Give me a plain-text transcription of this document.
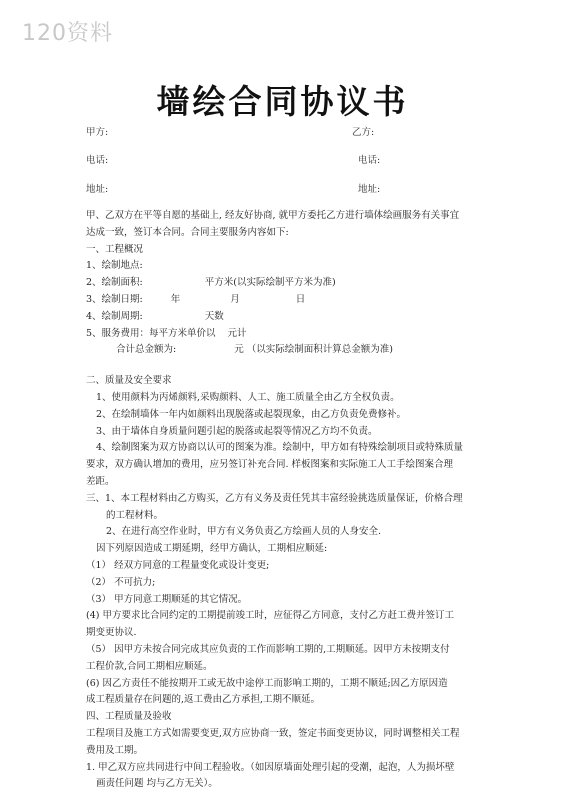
120资料
墙绘合同协议书
甲方:	乙方:
电话:	电话:
地址:	地址:

甲、乙双方在平等自愿的基础上, 经友好协商, 就甲方委托乙方进行墙体绘画服务有关事宜

达成一致，签订本合同。合同主要服务内容如下:

一、工程概况

1、绘制地点:

2、绘制面积:	平方米(以实际绘制平方米为准)

3、绘制日期:	年	月	日

4、绘制周期:	天数

5、服务费用：每平方米单价以 元计

合计总金额为:	元 （以实际绘制面积计算总金额为准)

二、质量及安全要求

1、使用颜料为丙烯颜料,采购颜料、人工、施工质量全由乙方全权负责。

2、在绘制墙体一年内如颜料出现脱落或起裂现象，由乙方负责免费修补。

3、由于墙体自身质量问题引起的脱落或起裂等情况乙方均不负责。

4、绘制图案为双方协商以认可的图案为准。绘制中，甲方如有特殊绘制项目或特殊质量

要求，双方确认增加的费用，应另签订补充合同. 样板图案和实际施工人工手绘图案合理

差距。

三、1、本工程材料由乙方购买，乙方有义务及责任凭其丰富经验挑选质量保证，价格合理

的工程材料。

2、在进行高空作业时，甲方有义务负责乙方绘画人员的人身安全.

因下列原因造成工期延期，经甲方确认，工期相应顺延:

（1） 经双方同意的工程量变化或设计变更;

（2） 不可抗力;

（3） 甲方同意工期顺延的其它情况。

(4) 甲方要求比合同约定的工期提前竣工时，应征得乙方同意，支付乙方赶工费并签订工

期变更协议.

（5） 因甲方未按合同完成其应负责的工作而影响工期的,工期顺延。因甲方未按期支付

工程价款,合同工期相应顺延。

(6) 因乙方责任不能按期开工或无故中途停工而影响工期的，工期不顺延;因乙方原因造

成工程质量存在问题的,返工费由乙方承担,工期不顺延。

四、工程质量及验收

工程项目及施工方式如需要变更,双方应协商一致，签定书面变更协议，同时调整相关工程

费用及工期。

1. 甲乙双方应共同进行中间工程验收。（如因原墙面处理引起的受潮，起泡，人为损坏壁

画责任问题 均与乙方无关）。
